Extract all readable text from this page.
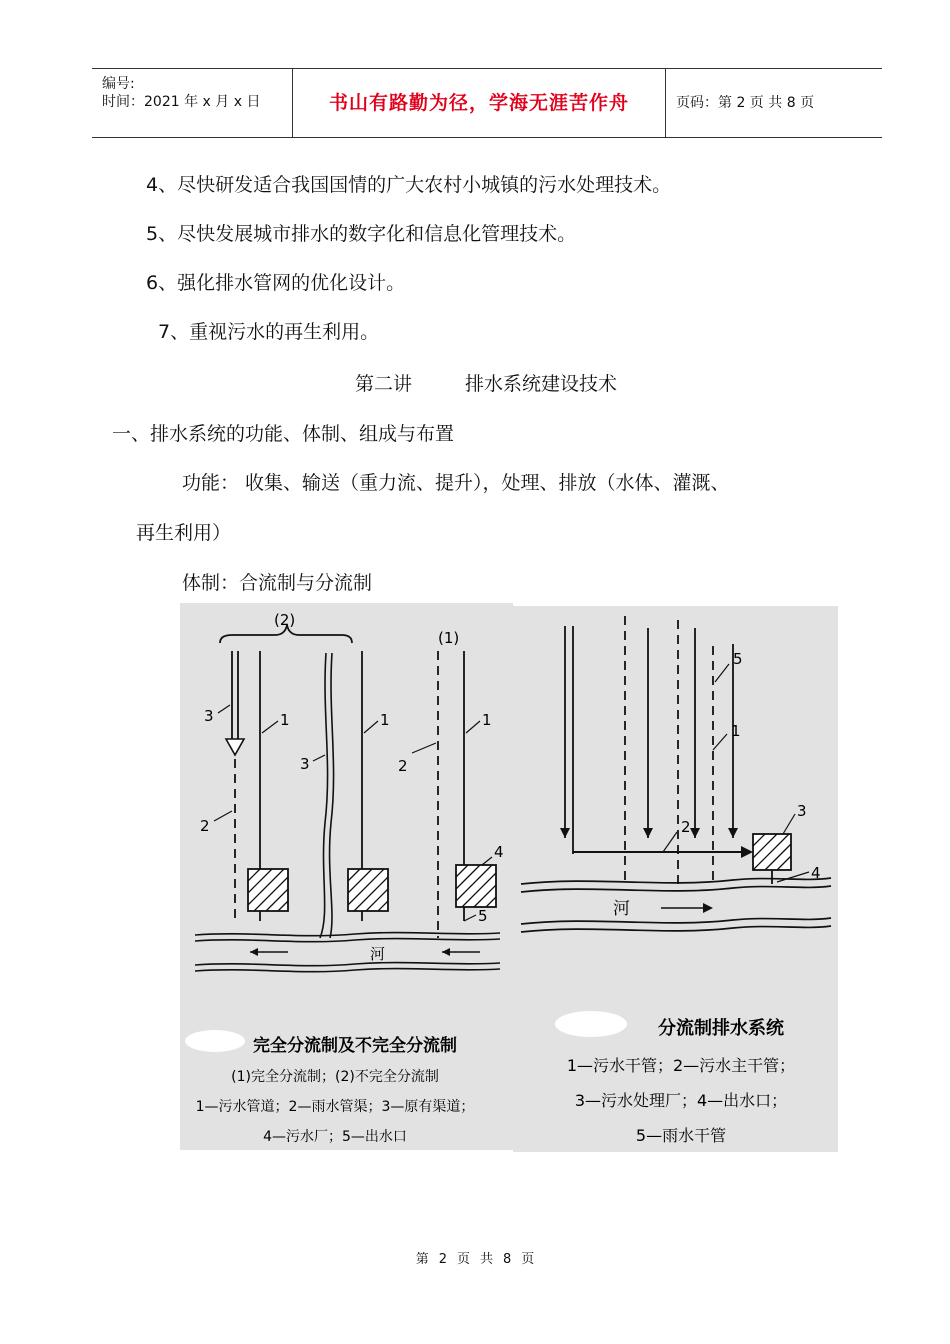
编号:
时间：2021 年 x 月 x 日	书山有路勤为径，学海无涯苦作舟	页码：第 2 页 共 8 页
4、尽快研发适合我国国情的广大农村小城镇的污水处理技术。
5、尽快发展城市排水的数字化和信息化管理技术。
6、强化排水管网的优化设计。
7、重视污水的再生利用。
第二讲	排水系统建设技术
一、排水系统的功能、体制、组成与布置
功能： 收集、输送（重力流、提升），处理、排放（水体、灌溉、
再生利用）
体制：合流制与分流制
(2)
(1)
3	1
2
3
1
2
1
4
5
河
完全分流制及不完全分流制
(1)完全分流制；(2)不完全分流制
1—污水管道；2—雨水管渠；3—原有渠道；
4—污水厂；5—出水口
5
1
2
3
4
河
分流制排水系统
1—污水干管；2—污水主干管；
3—污水处理厂；4—出水口；
5—雨水干管
第 2 页 共 8 页
